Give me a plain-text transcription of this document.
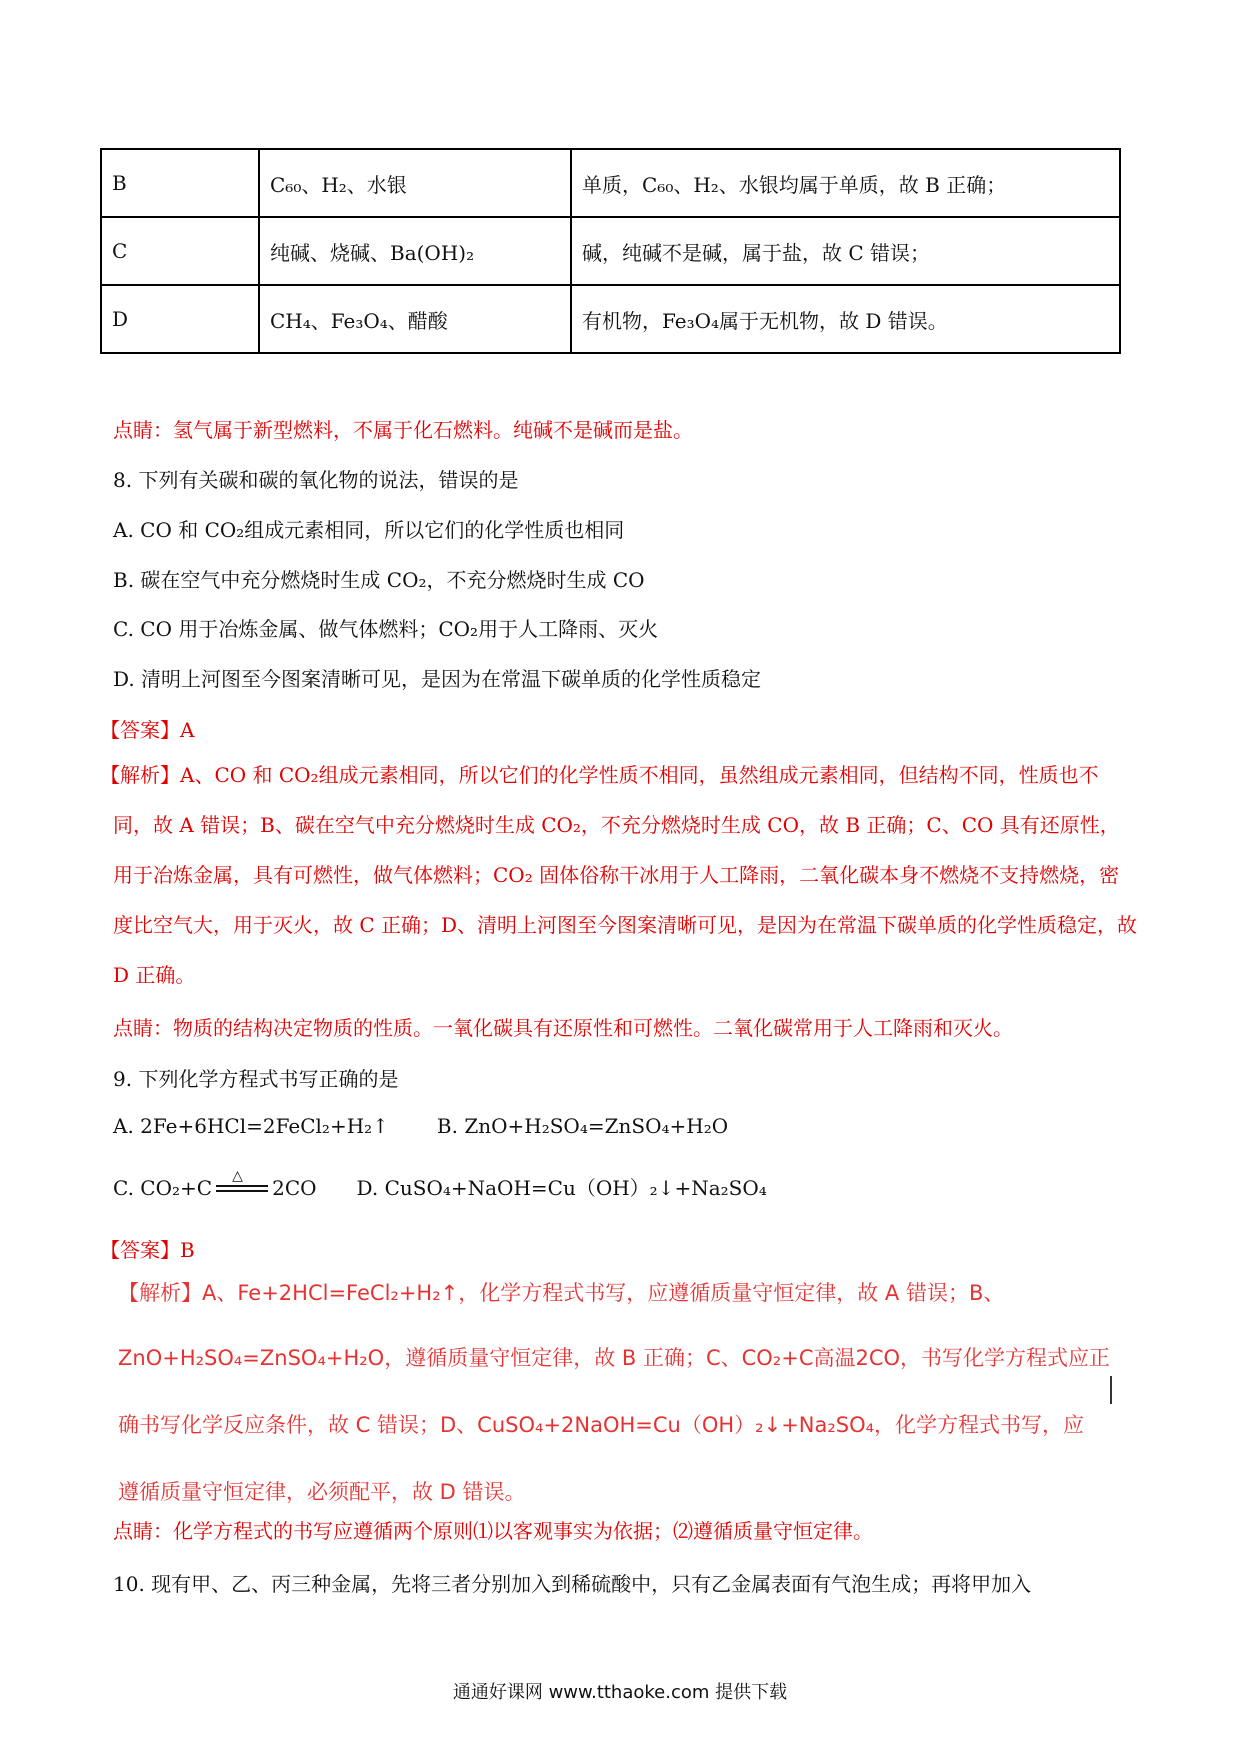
B	C₆₀、H₂、水银	单质，C₆₀、H₂、水银均属于单质，故 B 正确；
C	纯碱、烧碱、Ba(OH)₂	碱，纯碱不是碱，属于盐，故 C 错误；
D	CH₄、Fe₃O₄、醋酸	有机物，Fe₃O₄属于无机物，故 D 错误。
点睛：氢气属于新型燃料，不属于化石燃料。纯碱不是碱而是盐。
8. 下列有关碳和碳的氧化物的说法，错误的是
A. CO 和 CO₂组成元素相同，所以它们的化学性质也相同
B. 碳在空气中充分燃烧时生成 CO₂，不充分燃烧时生成 CO
C. CO 用于冶炼金属、做气体燃料；CO₂用于人工降雨、灭火
D. 清明上河图至今图案清晰可见，是因为在常温下碳单质的化学性质稳定
【答案】A
【解析】A、CO 和 CO₂组成元素相同，所以它们的化学性质不相同，虽然组成元素相同，但结构不同，性质也不同，故 A 错误；B、碳在空气中充分燃烧时生成 CO₂，不充分燃烧时生成 CO，故 B 正确；C、CO 具有还原性，用于冶炼金属，具有可燃性，做气体燃料；CO₂ 固体俗称干冰用于人工降雨，二氧化碳本身不燃烧不支持燃烧，密度比空气大，用于灭火，故 C 正确；D、清明上河图至今图案清晰可见，是因为在常温下碳单质的化学性质稳定，故 D 正确。
点睛：物质的结构决定物质的性质。一氧化碳具有还原性和可燃性。二氧化碳常用于人工降雨和灭火。
9. 下列化学方程式书写正确的是
A. 2Fe+6HCl=2FeCl₂+H₂↑ B. ZnO+H₂SO₄=ZnSO₄+H₂O
C. CO₂+C △ 2CO D. CuSO₄+NaOH=Cu（OH）₂↓+Na₂SO₄
【答案】B
【解析】A、Fe+2HCl=FeCl₂+H₂↑，化学方程式书写，应遵循质量守恒定律，故 A 错误；B、
ZnO+H₂SO₄=ZnSO₄+H₂O，遵循质量守恒定律，故 B 正确；C、CO₂+C高温2CO，书写化学方程式应正
确书写化学反应条件，故 C 错误；D、CuSO₄+2NaOH=Cu（OH）₂↓+Na₂SO₄，化学方程式书写，应
遵循质量守恒定律，必须配平，故 D 错误。
点睛：化学方程式的书写应遵循两个原则⑴以客观事实为依据；⑵遵循质量守恒定律。
10. 现有甲、乙、丙三种金属，先将三者分别加入到稀硫酸中，只有乙金属表面有气泡生成；再将甲加入
通通好课网 www.tthaoke.com 提供下载
